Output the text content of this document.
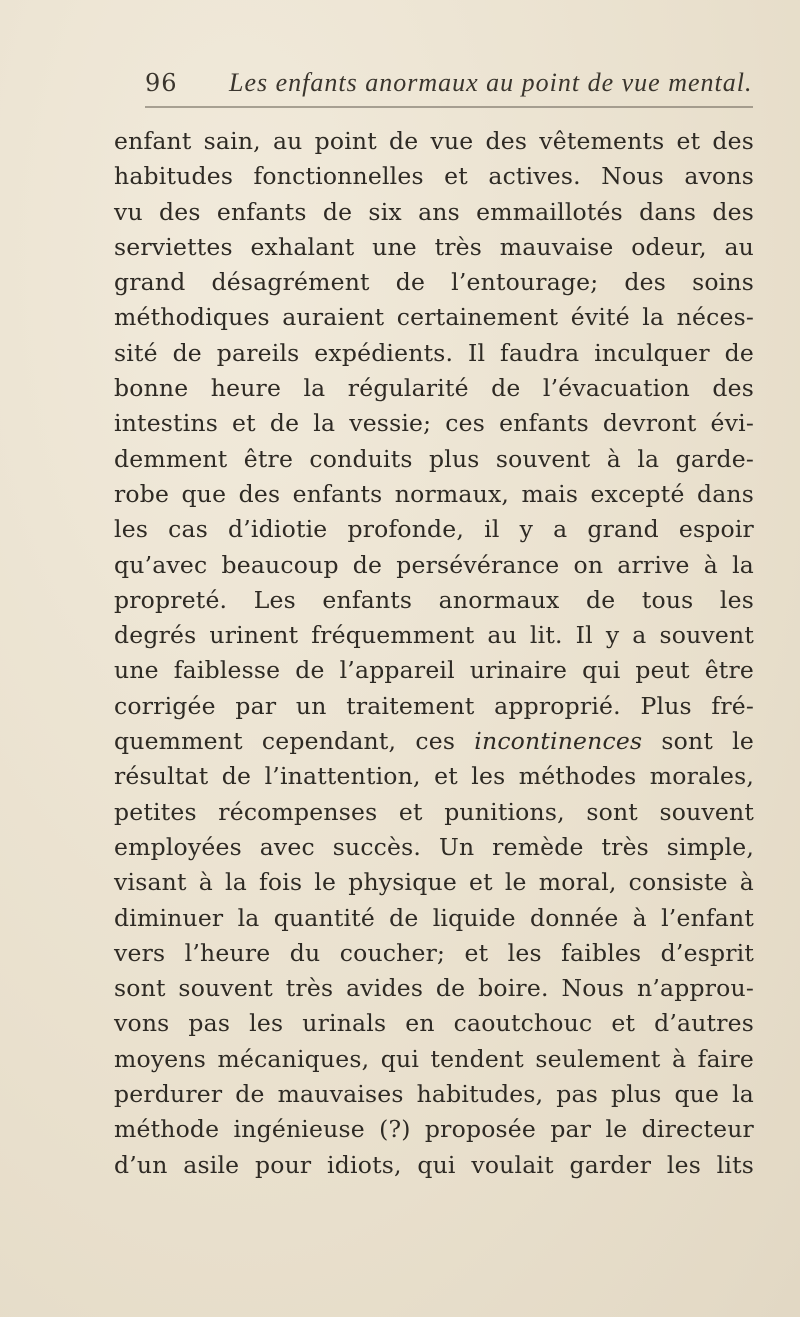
96 Les enfants anormaux au point de vue mental.
enfant sain, au point de vue des vêtements et des
habitudes fonctionnelles et actives. Nous avons
vu des enfants de six ans emmaillotés dans des
serviettes exhalant une très mauvaise odeur, au
grand désagrément de l’entourage; des soins
méthodiques auraient certainement évité la néces-
sité de pareils expédients. Il faudra inculquer de
bonne heure la régularité de l’évacuation des
intestins et de la vessie; ces enfants devront évi-
demment être conduits plus souvent à la garde-
robe que des enfants normaux, mais excepté dans
les cas d’idiotie profonde, il y a grand espoir
qu’avec beaucoup de persévérance on arrive à la
propreté. Les enfants anormaux de tous les
degrés urinent fréquemment au lit. Il y a souvent
une faiblesse de l’appareil urinaire qui peut être
corrigée par un traitement approprié. Plus fré-
quemment cependant, ces incontinences sont le
résultat de l’inattention, et les méthodes morales,
petites récompenses et punitions, sont souvent
employées avec succès. Un remède très simple,
visant à la fois le physique et le moral, consiste à
diminuer la quantité de liquide donnée à l’enfant
vers l’heure du coucher; et les faibles d’esprit
sont souvent très avides de boire. Nous n’approu-
vons pas les urinals en caoutchouc et d’autres
moyens mécaniques, qui tendent seulement à faire
perdurer de mauvaises habitudes, pas plus que la
méthode ingénieuse (?) proposée par le directeur
d’un asile pour idiots, qui voulait garder les lits
